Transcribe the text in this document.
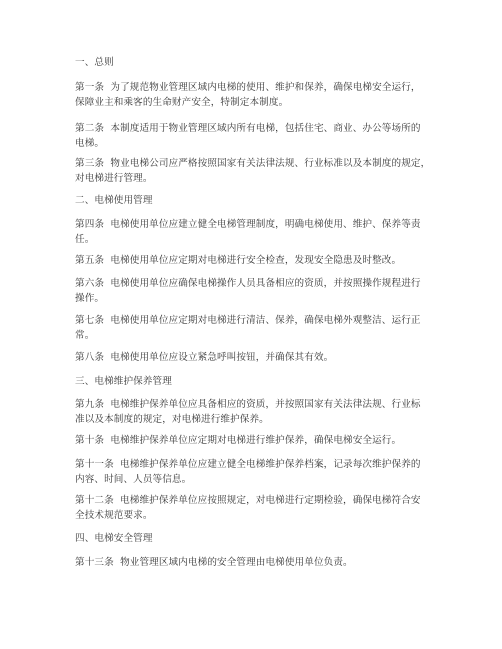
一、总则
第一条  为了规范物业管理区域内电梯的使用、维护和保养，确保电梯安全运行，
保障业主和乘客的生命财产安全，特制定本制度。
第二条  本制度适用于物业管理区域内所有电梯，包括住宅、商业、办公等场所的
电梯。
第三条  物业电梯公司应严格按照国家有关法律法规、行业标准以及本制度的规定，
对电梯进行管理。
二、电梯使用管理
第四条  电梯使用单位应建立健全电梯管理制度，明确电梯使用、维护、保养等责
任。
第五条  电梯使用单位应定期对电梯进行安全检查，发现安全隐患及时整改。
第六条  电梯使用单位应确保电梯操作人员具备相应的资质，并按照操作规程进行
操作。
第七条  电梯使用单位应定期对电梯进行清洁、保养，确保电梯外观整洁、运行正
常。
第八条  电梯使用单位应设立紧急呼叫按钮，并确保其有效。
三、电梯维护保养管理
第九条  电梯维护保养单位应具备相应的资质，并按照国家有关法律法规、行业标
准以及本制度的规定，对电梯进行维护保养。
第十条  电梯维护保养单位应定期对电梯进行维护保养，确保电梯安全运行。
第十一条  电梯维护保养单位应建立健全电梯维护保养档案，记录每次维护保养的
内容、时间、人员等信息。
第十二条  电梯维护保养单位应按照规定，对电梯进行定期检验，确保电梯符合安
全技术规范要求。
四、电梯安全管理
第十三条  物业管理区域内电梯的安全管理由电梯使用单位负责。
